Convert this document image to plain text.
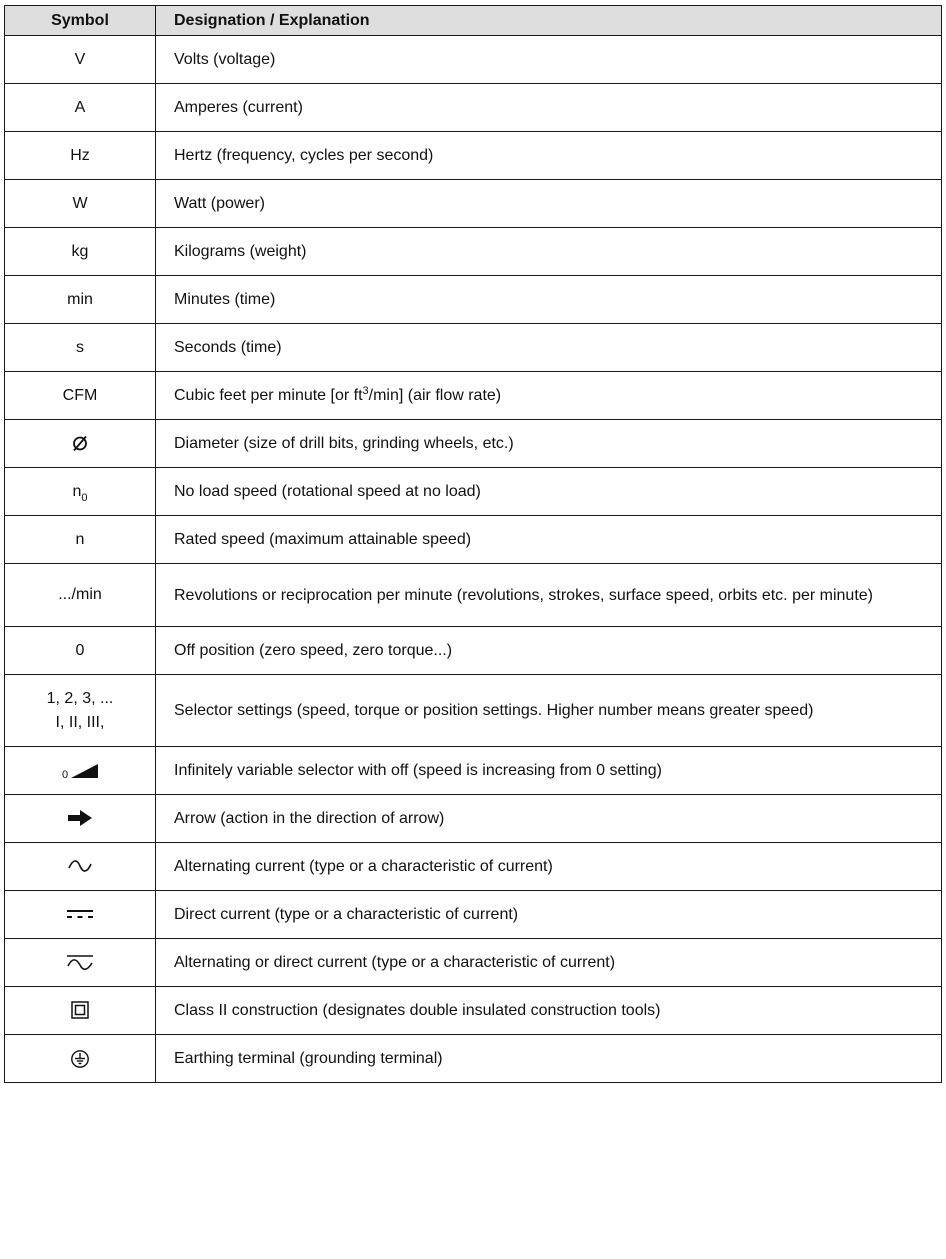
Symbol	Designation / Explanation
V	Volts (voltage)
A	Amperes (current)
Hz	Hertz (frequency, cycles per second)
W	Watt (power)
kg	Kilograms (weight)
min	Minutes (time)
s	Seconds (time)
CFM	Cubic feet per minute [or $ft^3/\min$] (air flow rate)
	Diameter (size of drill bits, grinding wheels, etc.)
$n_0$	No load speed (rotational speed at no load)
n	Rated speed (maximum attainable speed)
.../min	Revolutions or reciprocation per minute (revolutions, strokes, surface speed, orbits etc. per minute)
0	Off position (zero speed, zero torque...)

1, 2, 3, ...
I, II, III,	Selector settings (speed, torque or position settings. Higher number means greater speed)

0	Infinitely variable selector with off (speed is increasing from 0 setting)
	Arrow (action in the direction of arrow)
	Alternating current (type or a characteristic of current)
	Direct current (type or a characteristic of current)
	Alternating or direct current (type or a characteristic of current)
	Class II construction (designates double insulated construction tools)
	Earthing terminal (grounding terminal)
